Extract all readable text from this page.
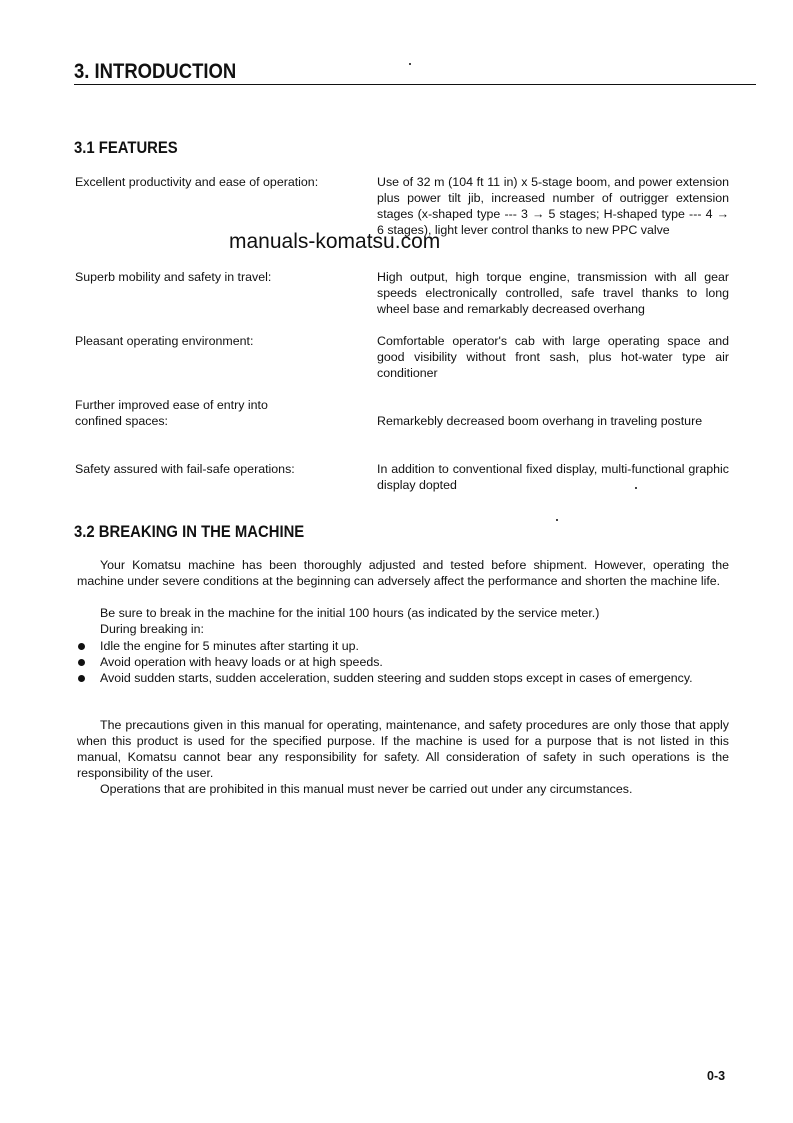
3. INTRODUCTION
3.1 FEATURES
Excellent productivity and ease of operation:	Use of 32 m (104 ft 11 in) x 5-stage boom, and power extension plus power tilt jib, increased number of outrigger extension stages (x-shaped type --- 3 → 5 stages; H-shaped type --- 4 → 6 stages), light lever control thanks to new PPC valve
manuals-komatsu.com
Superb mobility and safety in travel:	High output, high torque engine, transmission with all gear speeds electronically controlled, safe travel thanks to long wheel base and remarkably decreased overhang
Pleasant operating environment:	Comfortable operator's cab with large operating space and good visibility without front sash, plus hot-water type air conditioner
Further improved ease of entry into confined spaces:	Remarkebly decreased boom overhang in traveling posture
Safety assured with fail-safe operations:	In addition to conventional fixed display, multi-functional graphic display dopted
3.2 BREAKING IN THE MACHINE
Your Komatsu machine has been thoroughly adjusted and tested before shipment. However, operating the machine under severe conditions at the beginning can adversely affect the performance and shorten the machine life.
Be sure to break in the machine for the initial 100 hours (as indicated by the service meter.)
During breaking in:
Idle the engine for 5 minutes after starting it up.
Avoid operation with heavy loads or at high speeds.
Avoid sudden starts, sudden acceleration, sudden steering and sudden stops except in cases of emergency.
The precautions given in this manual for operating, maintenance, and safety procedures are only those that apply when this product is used for the specified purpose. If the machine is used for a purpose that is not listed in this manual, Komatsu cannot bear any responsibility for safety. All consideration of safety in such operations is the responsibility of the user.
Operations that are prohibited in this manual must never be carried out under any circumstances.
0-3
